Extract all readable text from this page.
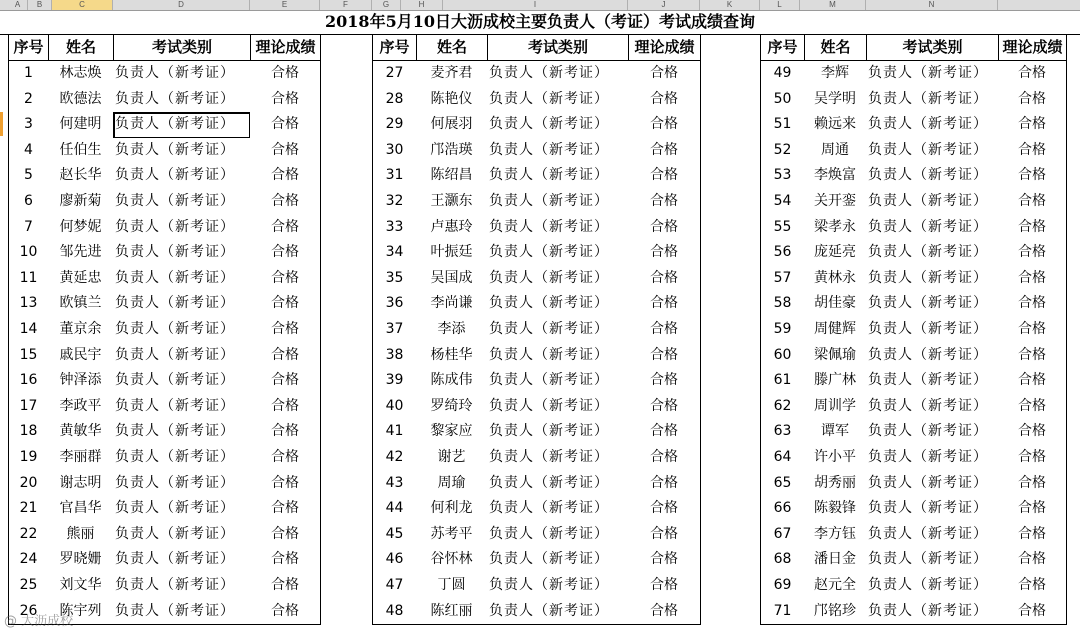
A	B	C	D	E	F	G	H	I	J	K	L	M	N
2018年5月10日大沥成校主要负责人（考证）考试成绩查询
序号	姓名	考试类别	理论成绩
1	林志焕 负责人（新考证）	合格
2	欧德法 负责人（新考证）	合格
3	何建明 负责人（新考证）	合格
4	任伯生 负责人（新考证）	合格
5	赵长华 负责人（新考证）	合格
6	廖新菊 负责人（新考证）	合格
7	何梦妮 负责人（新考证）	合格
10	邹先进 负责人（新考证）	合格
11	黄延忠 负责人（新考证）	合格
13	欧镇兰 负责人（新考证）	合格
14	董京余 负责人（新考证）	合格
15	戚民宇 负责人（新考证）	合格
16	钟泽添 负责人（新考证）	合格
17	李政平 负责人（新考证）	合格
18	黄敏华 负责人（新考证）	合格
19	李丽群 负责人（新考证）	合格
20	谢志明 负责人（新考证）	合格
21	官昌华 负责人（新考证）	合格
22	熊丽	负责人（新考证）	合格
24	罗晓姗 负责人（新考证）	合格
25	刘文华 负责人（新考证）	合格
26	陈宇列 负责人（新考证）	合格
序号	姓名	考试类别	理论成绩
27	麦齐君	负责人（新考证）	合格
28	陈艳仪	负责人（新考证）	合格
29	何展羽	负责人（新考证）	合格
30	邝浩瑛	负责人（新考证）	合格
31	陈绍昌	负责人（新考证）	合格
32	王灏东	负责人（新考证）	合格
33	卢惠玲	负责人（新考证）	合格
34	叶振廷	负责人（新考证）	合格
35	吴国成	负责人（新考证）	合格
36	李尚谦	负责人（新考证）	合格
37	李添	负责人（新考证）	合格
38	杨桂华	负责人（新考证）	合格
39	陈成伟	负责人（新考证）	合格
40	罗绮玲	负责人（新考证）	合格
41	黎家应	负责人（新考证）	合格
42	谢艺	负责人（新考证）	合格
43	周瑜	负责人（新考证）	合格
44	何利龙	负责人（新考证）	合格
45	苏考平	负责人（新考证）	合格
46	谷怀林	负责人（新考证）	合格
47	丁圆	负责人（新考证）	合格
48	陈红丽	负责人（新考证）	合格
序号	姓名	考试类别	理论成绩
49	李辉	负责人（新考证）	合格
50	吴学明 负责人（新考证）	合格
51	赖远来 负责人（新考证）	合格
52	周通	负责人（新考证）	合格
53	李焕富 负责人（新考证）	合格
54	关开銮 负责人（新考证）	合格
55	梁孝永 负责人（新考证）	合格
56	庞延亮 负责人（新考证）	合格
57	黄林永 负责人（新考证）	合格
58	胡佳豪 负责人（新考证）	合格
59	周健辉 负责人（新考证）	合格
60	梁佩瑜 负责人（新考证）	合格
61	滕广林 负责人（新考证）	合格
62	周训学 负责人（新考证）	合格
63	谭军	负责人（新考证）	合格
64	许小平 负责人（新考证）	合格
65	胡秀丽 负责人（新考证）	合格
66	陈毅锋 负责人（新考证）	合格
67	李方钰 负责人（新考证）	合格
68	潘日金 负责人（新考证）	合格
69	赵元全 负责人（新考证）	合格
71	邝铭珍 负责人（新考证）	合格
@ 大沥成校
